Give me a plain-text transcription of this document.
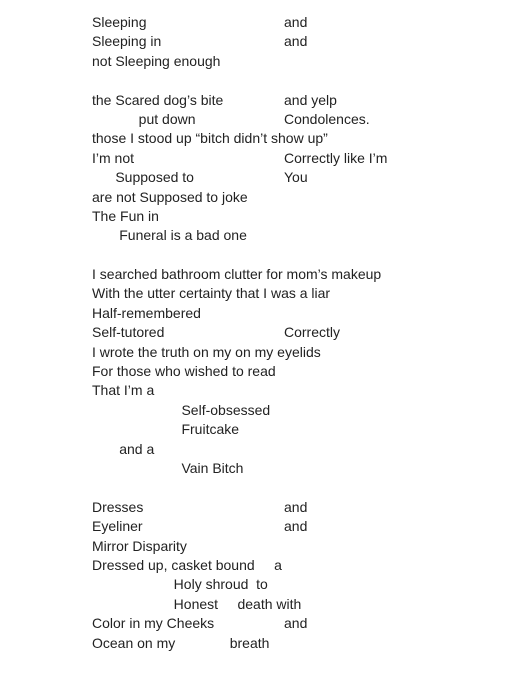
Sleeping	and
Sleeping in	and
not Sleeping enough
the Scared dog’s bite	and yelp
put down	Condolences.
those I stood up “bitch didn’t show up”
I’m not	Correctly like I’m
Supposed to	You
are not Supposed to joke
The Fun in
Funeral is a bad one
I searched bathroom clutter for mom’s makeup
With the utter certainty that I was a liar
Half-remembered
Self-tutored	Correctly
I wrote the truth on my on my eyelids
For those who wished to read
That I’m a
Self-obsessed
Fruitcake
and a
Vain Bitch
Dresses	and
Eyeliner	and
Mirror Disparity
Dressed up, casket bound     a
Holy shroud  to
Honest     death with
Color in my Cheeks	and
Ocean on my              breath
